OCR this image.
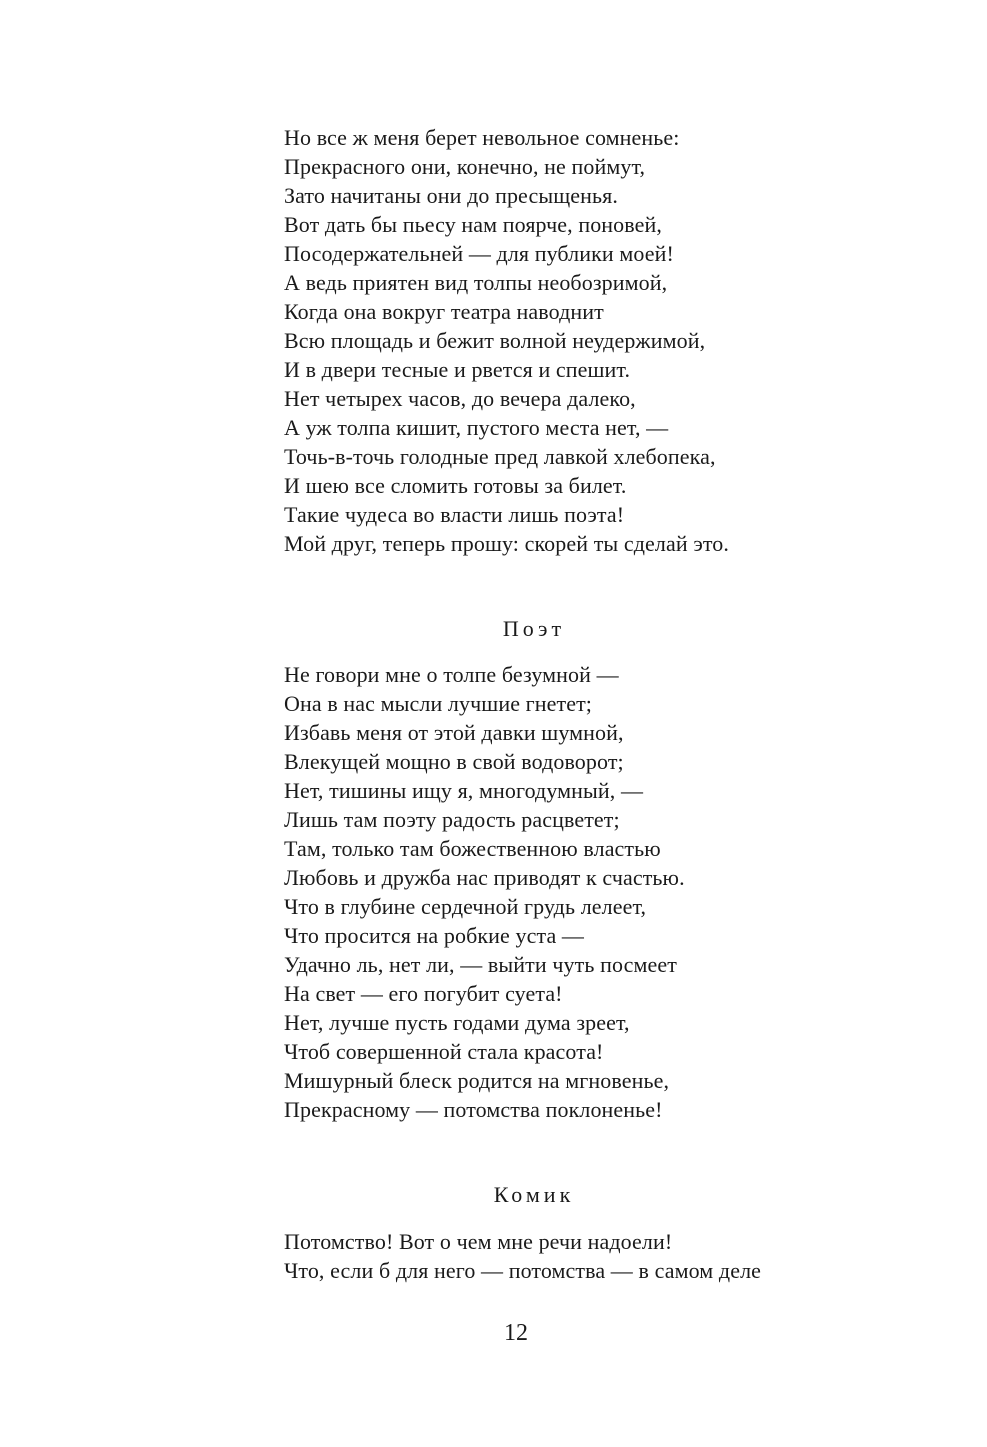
Но все ж меня берет невольное сомненье:
Прекрасного они, конечно, не поймут,
Зато начитаны они до пресыщенья.
Вот дать бы пьесу нам поярче, поновей,
Посодержательней — для публики моей!
А ведь приятен вид толпы необозримой,
Когда она вокруг театра наводнит
Всю площадь и бежит волной неудержимой,
И в двери тесные и рвется и спешит.
Нет четырех часов, до вечера далеко,
А уж толпа кишит, пустого места нет, —
Точь-в-точь голодные пред лавкой хлебопека,
И шею все сломить готовы за билет.
Такие чудеса во власти лишь поэта!
Мой друг, теперь прошу: скорей ты сделай это.
Поэт
Не говори мне о толпе безумной —
Она в нас мысли лучшие гнетет;
Избавь меня от этой давки шумной,
Влекущей мощно в свой водоворот;
Нет, тишины ищу я, многодумный, —
Лишь там поэту радость расцветет;
Там, только там божественною властью
Любовь и дружба нас приводят к счастью.
Что в глубине сердечной грудь лелеет,
Что просится на робкие уста —
Удачно ль, нет ли, — выйти чуть посмеет
На свет — его погубит суета!
Нет, лучше пусть годами дума зреет,
Чтоб совершенной стала красота!
Мишурный блеск родится на мгновенье,
Прекрасному — потомства поклоненье!
Комик
Потомство! Вот о чем мне речи надоели!
Что, если б для него — потомства — в самом деле
12
